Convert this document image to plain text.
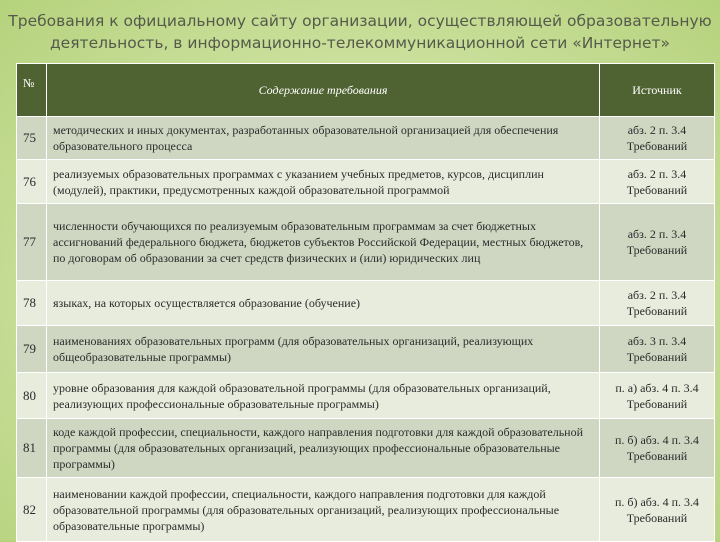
Требования к официальному сайту организации, осуществляющей образовательную
деятельность, в информационно-телекоммуникационной сети «Интернет»
№	Содержание требования	Источник
75	методических и иных документах, разработанных образовательной организацией для обеспечения образовательного процесса	абз. 2 п. 3.4 Требований
76	реализуемых образовательных программах с указанием учебных предметов, курсов, дисциплин (модулей), практики, предусмотренных каждой образовательной программой	абз. 2 п. 3.4 Требований
77	численности обучающихся по реализуемым образовательным программам за счет бюджетных ассигнований федерального бюджета, бюджетов субъектов Российской Федерации, местных бюджетов, по договорам об образовании за счет средств физических и (или) юридических лиц	абз. 2 п. 3.4 Требований
78	языках, на которых осуществляется образование (обучение)	абз. 2 п. 3.4 Требований
79	наименованиях образовательных программ (для образовательных организаций, реализующих общеобразовательные программы)	абз. 3 п. 3.4 Требований
80	уровне образования для каждой образовательной программы (для образовательных организаций, реализующих профессиональные образовательные программы)	п. а) абз. 4 п. 3.4 Требований
81	коде каждой профессии, специальности, каждого направления подготовки для каждой образовательной программы (для образовательных организаций, реализующих профессиональные образовательные программы)	п. б) абз. 4 п. 3.4 Требований
82	наименовании каждой профессии, специальности, каждого направления подготовки для каждой образовательной программы (для образовательных организаций, реализующих профессиональные образовательные программы)	п. б) абз. 4 п. 3.4 Требований
